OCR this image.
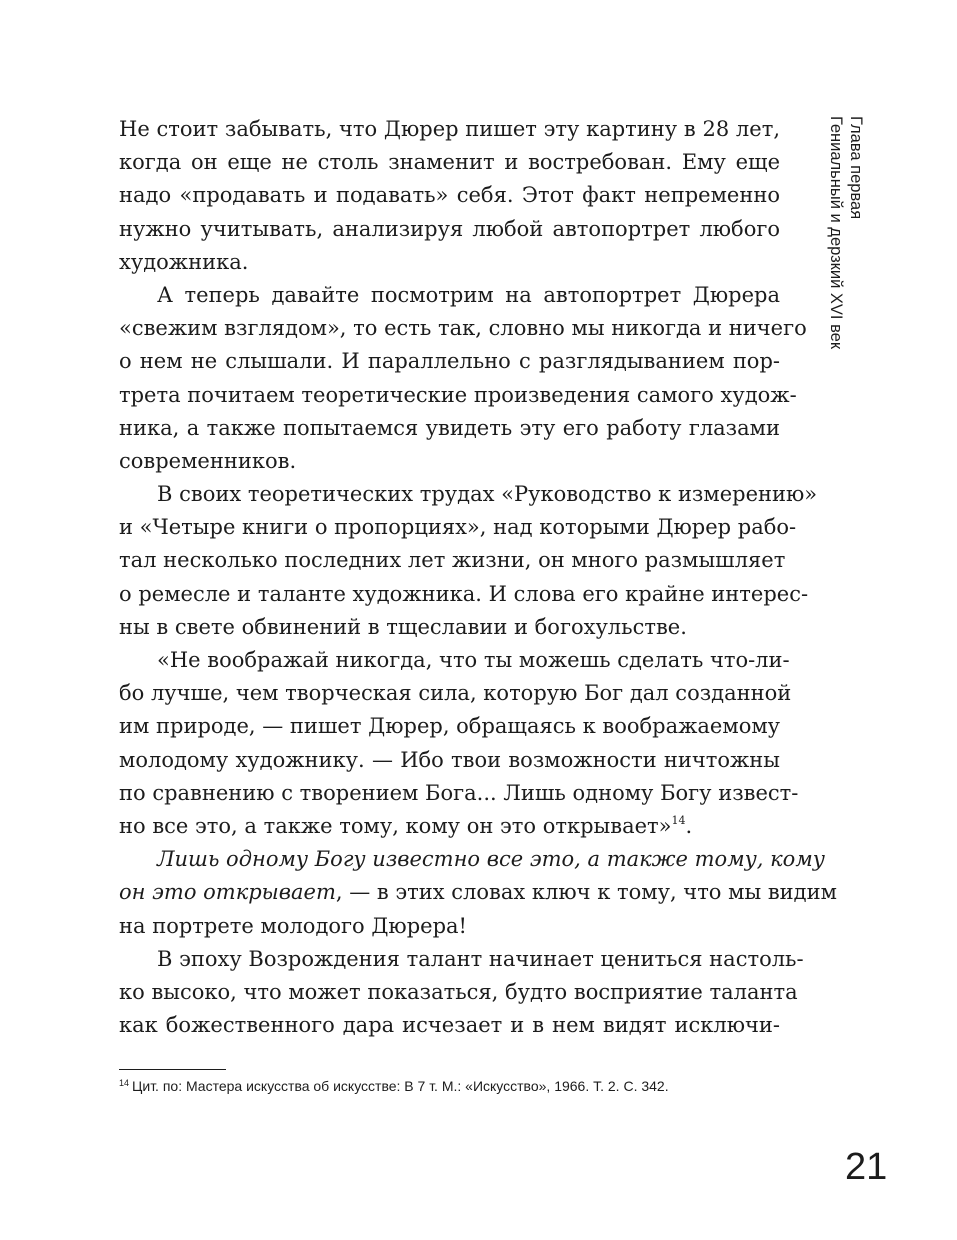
Глава первая
Гениальный и дерзкий XVI век
Не стоит забывать, что Дюрер пишет эту картину в 28 лет,
когда он еще не столь знаменит и востребован. Ему еще
надо «продавать и подавать» себя. Этот факт непременно
нужно учитывать, анализируя любой автопортрет любого
художника.
А теперь давайте посмотрим на автопортрет Дюрера
«свежим взглядом», то есть так, словно мы никогда и ничего
о нем не слышали. И параллельно с разглядыванием пор-
трета почитаем теоретические произведения самого худож-
ника, а также попытаемся увидеть эту его работу глазами
современников.
В своих теоретических трудах «Руководство к измерению»
и «Четыре книги о пропорциях», над которыми Дюрер рабо-
тал несколько последних лет жизни, он много размышляет
о ремесле и таланте художника. И слова его крайне интерес-
ны в свете обвинений в тщеславии и богохульстве.
«Не воображай никогда, что ты можешь сделать что-ли-
бо лучше, чем творческая сила, которую Бог дал созданной
им природе, — пишет Дюрер, обращаясь к воображаемому
молодому художнику. — Ибо твои возможности ничтожны
по сравнению с творением Бога... Лишь одному Богу извест-
но все это, а также тому, кому он это открывает»$^{14}$.
Лишь одному Богу известно все это, а также тому, кому
он это открывает, — в этих словах ключ к тому, что мы видим
на портрете молодого Дюрера!
В эпоху Возрождения талант начинает цениться настоль-
ко высоко, что может показаться, будто восприятие таланта
как божественного дара исчезает и в нем видят исключи-
$^{14}$ Цит. по: Мастера искусства об искусстве: В 7 т. М.: «Искусство», 1966. Т. 2. С. 342.
21
